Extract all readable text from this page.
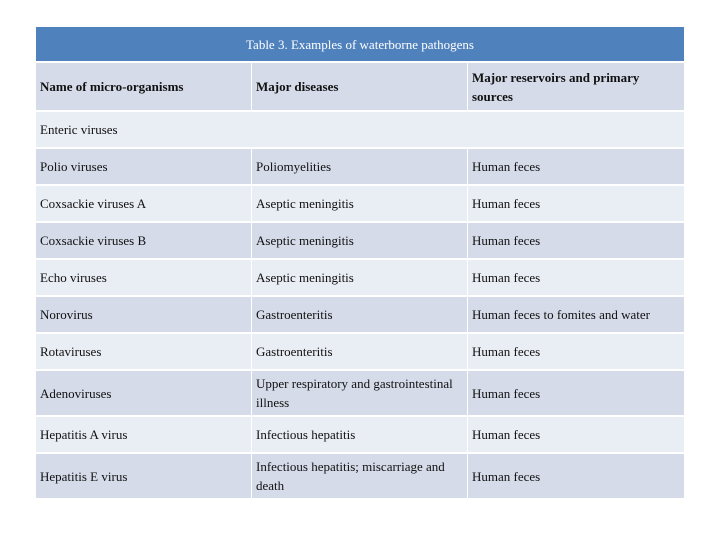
Table 3. Examples of waterborne pathogens		
Name of micro-organisms	Major diseases	Major reservoirs and primary sources
Enteric viruses		
Polio viruses	Poliomyelities	Human feces
Coxsackie viruses A	Aseptic meningitis	Human feces
Coxsackie viruses B	Aseptic meningitis	Human feces
Echo viruses	Aseptic meningitis	Human feces
Norovirus	Gastroenteritis	Human feces to fomites and water
Rotaviruses	Gastroenteritis	Human feces
Adenoviruses	Upper respiratory and gastrointestinal illness	Human feces
Hepatitis A virus	Infectious hepatitis	Human feces
Hepatitis E virus	Infectious hepatitis; miscarriage and death	Human feces
